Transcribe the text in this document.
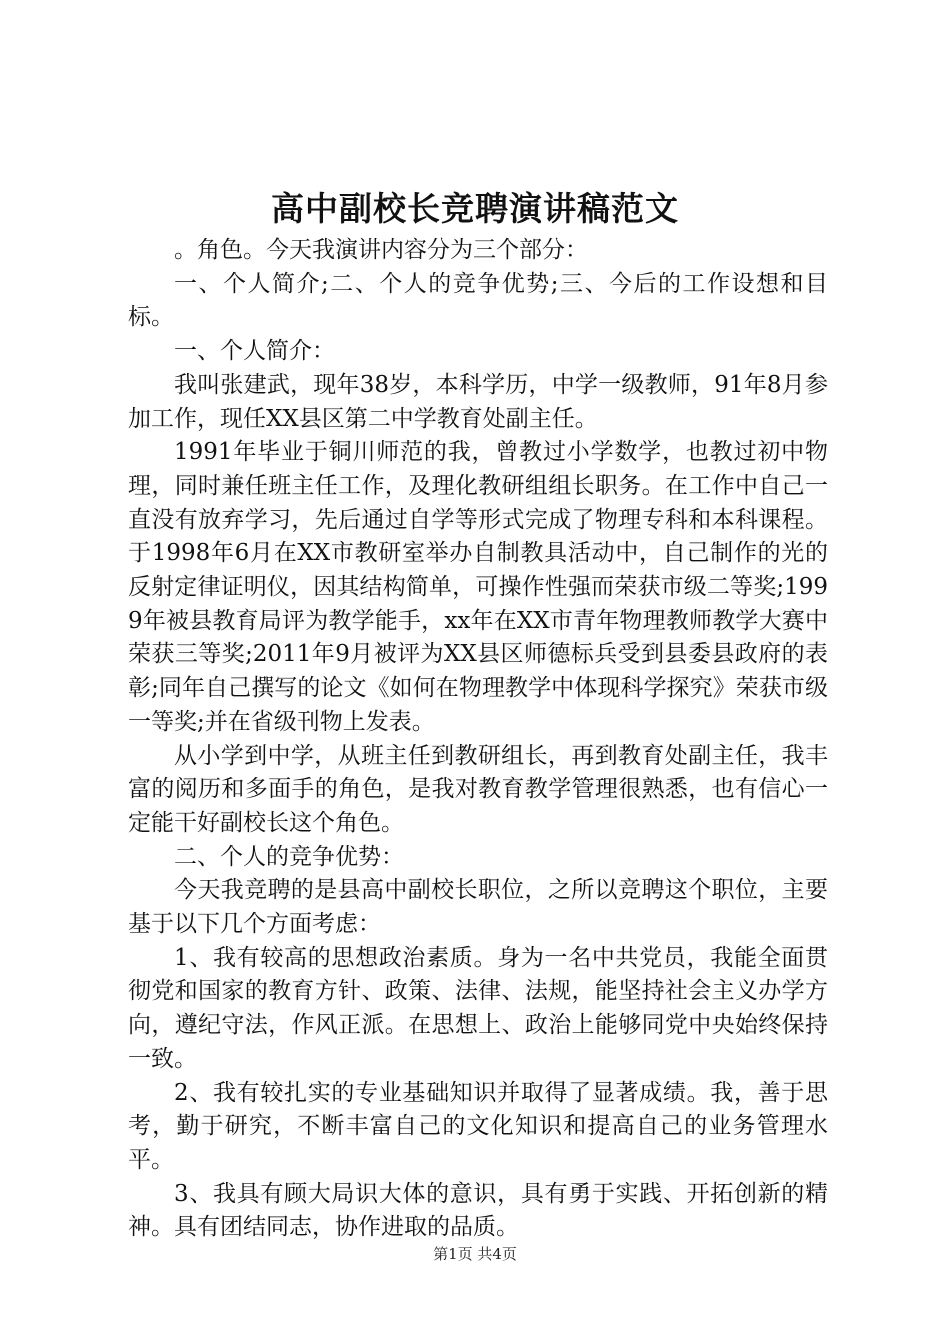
高中副校长竞聘演讲稿范文

。角色。今天我演讲内容分为三个部分：

一、个人简介;二、个人的竞争优势;三、今后的工作设想和目标。

一、个人简介：

我叫张建武，现年38岁，本科学历，中学一级教师，91年8月参加工作，现任XX县区第二中学教育处副主任。

1991年毕业于铜川师范的我，曾教过小学数学，也教过初中物理，同时兼任班主任工作，及理化教研组组长职务。在工作中自己一直没有放弃学习，先后通过自学等形式完成了物理专科和本科课程。于1998年6月在XX市教研室举办自制教具活动中，自己制作的光的反射定律证明仪，因其结构简单，可操作性强而荣获市级二等奖;1999年被县教育局评为教学能手，xx年在XX市青年物理教师教学大赛中荣获三等奖;2011年9月被评为XX县区师德标兵受到县委县政府的表彰;同年自己撰写的论文《如何在物理教学中体现科学探究》荣获市级一等奖;并在省级刊物上发表。

从小学到中学，从班主任到教研组长，再到教育处副主任，我丰富的阅历和多面手的角色，是我对教育教学管理很熟悉，也有信心一定能干好副校长这个角色。

二、个人的竞争优势：

今天我竞聘的是县高中副校长职位，之所以竞聘这个职位，主要基于以下几个方面考虑：

1、我有较高的思想政治素质。身为一名中共党员，我能全面贯彻党和国家的教育方针、政策、法律、法规，能坚持社会主义办学方向，遵纪守法，作风正派。在思想上、政治上能够同党中央始终保持一致。

2、我有较扎实的专业基础知识并取得了显著成绩。我，善于思考，勤于研究，不断丰富自己的文化知识和提高自己的业务管理水平。

3、我具有顾大局识大体的意识，具有勇于实践、开拓创新的精神。具有团结同志，协作进取的品质。

第1页 共4页
